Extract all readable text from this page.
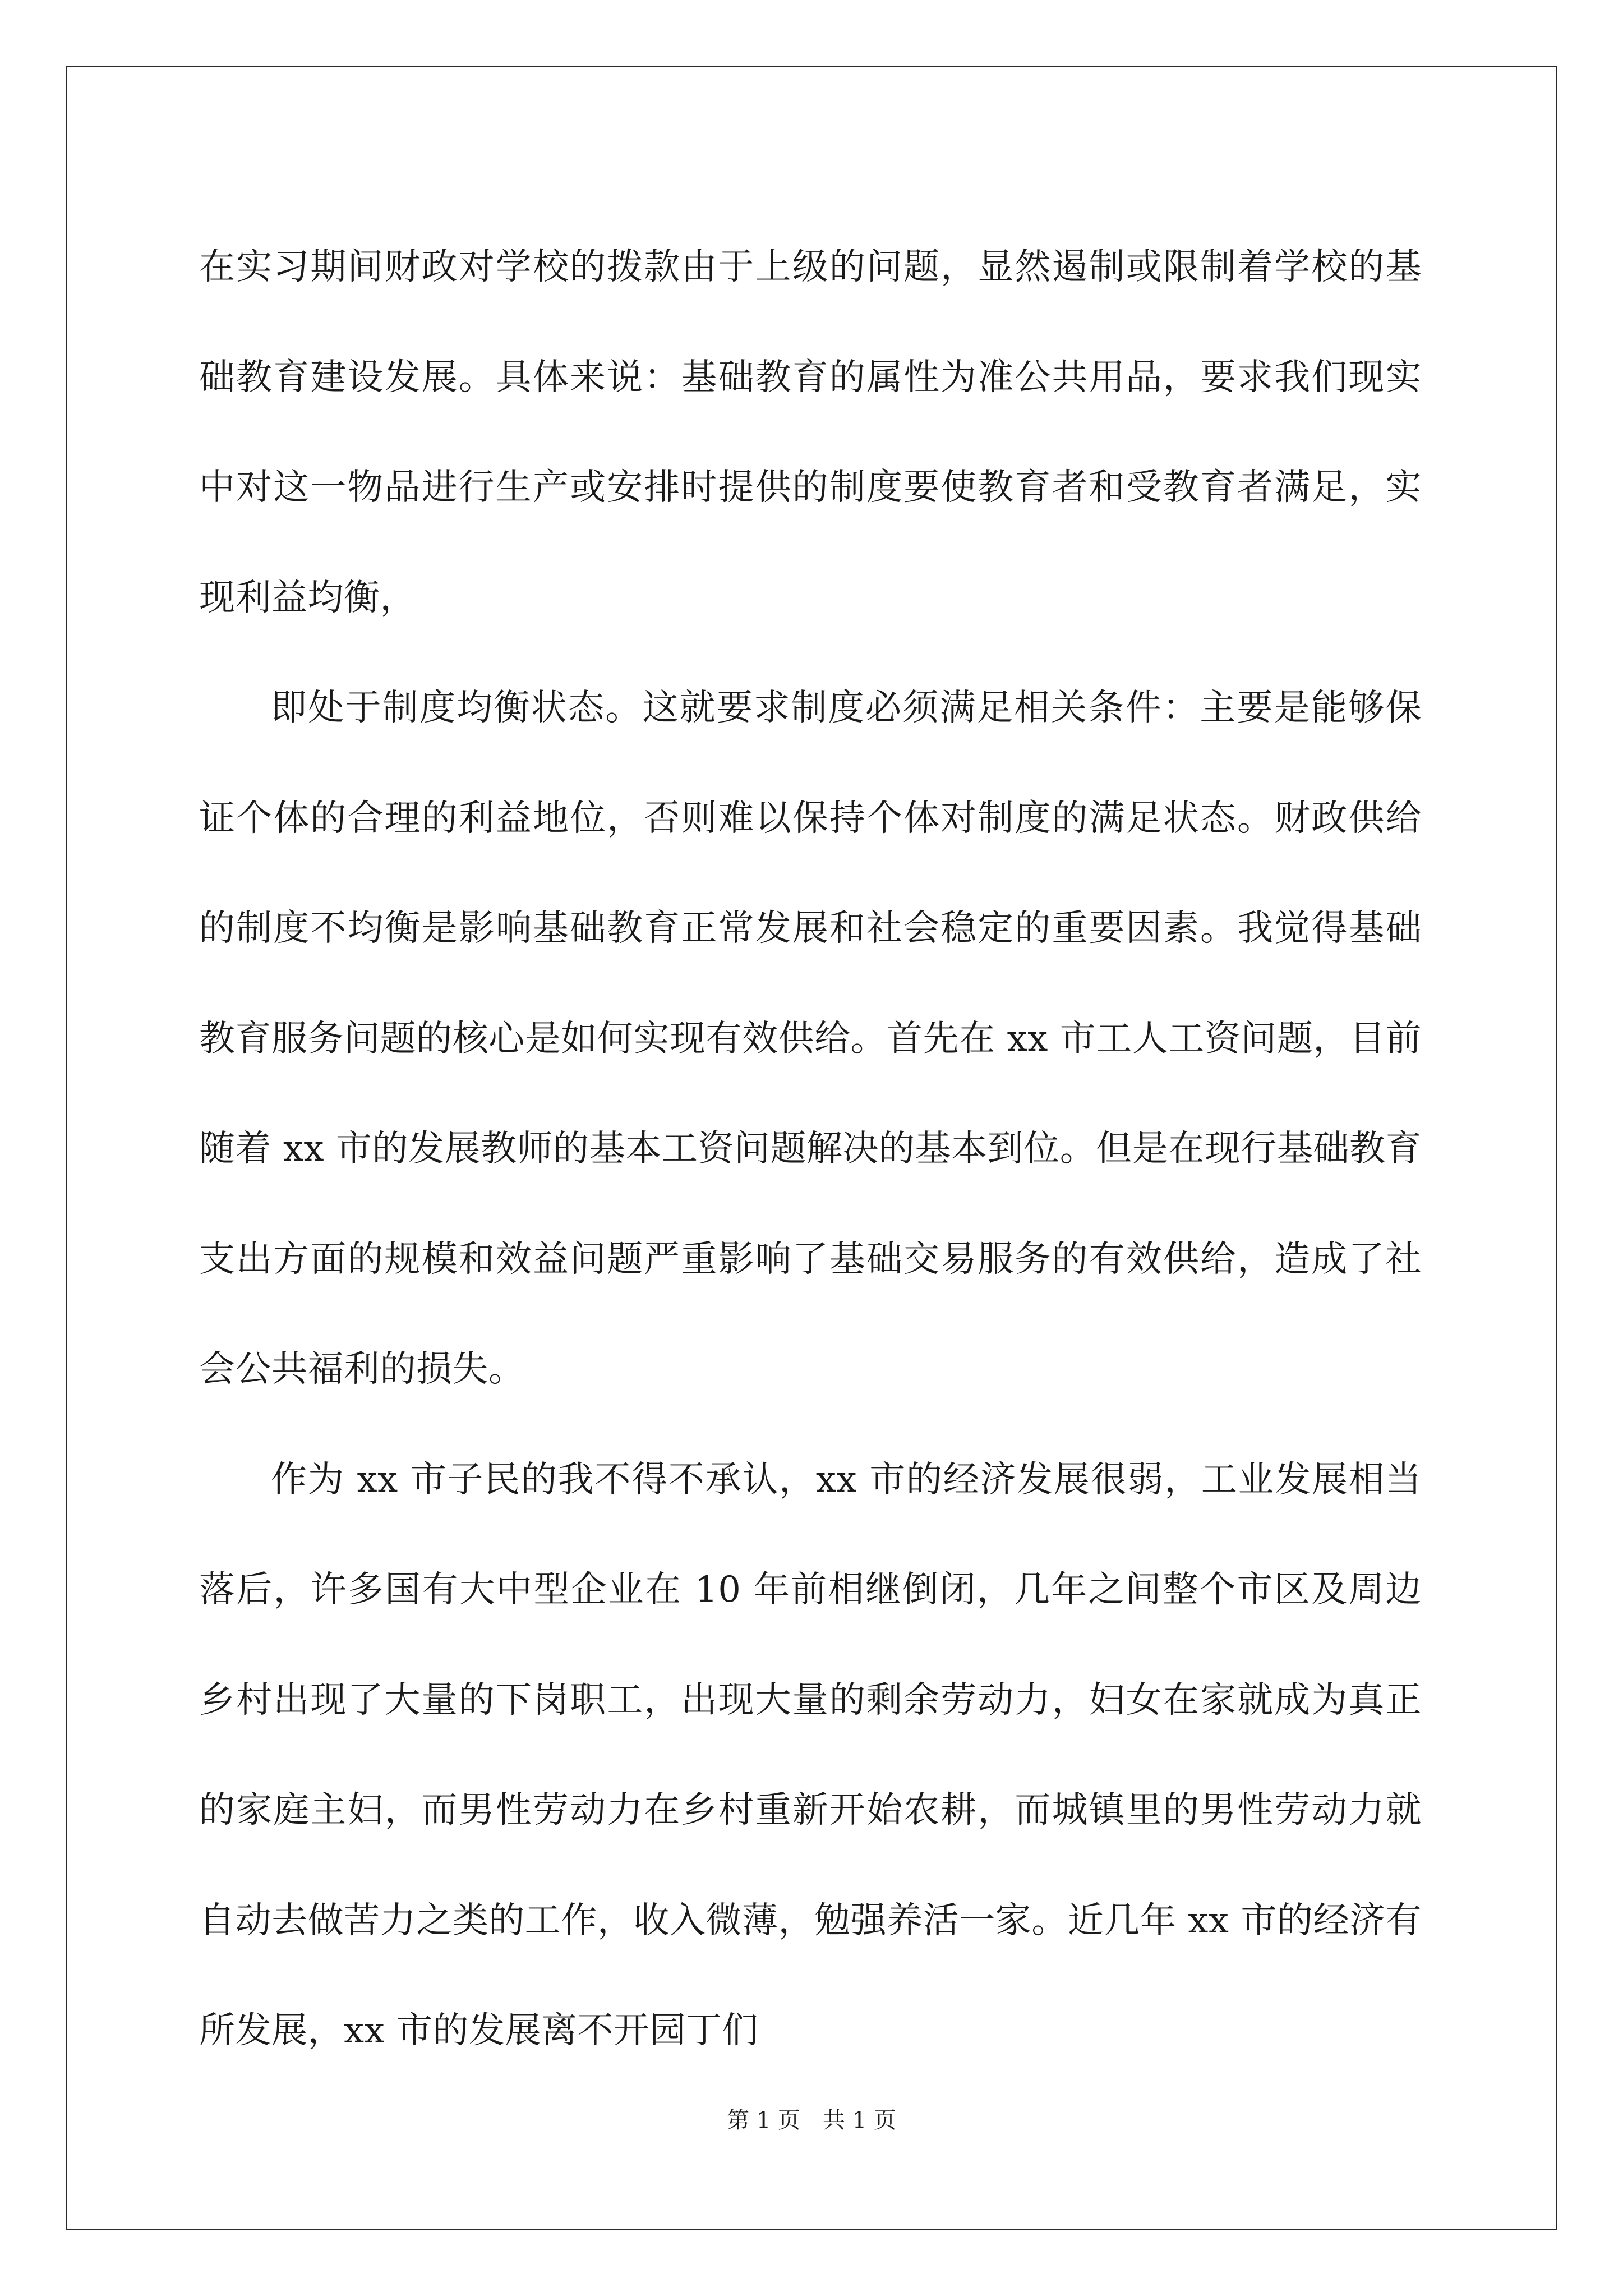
在实习期间财政对学校的拨款由于上级的问题，显然遏制或限制着学校的基础教育建设发展。具体来说：基础教育的属性为准公共用品，要求我们现实中对这一物品进行生产或安排时提供的制度要使教育者和受教育者满足，实现利益均衡，

即处于制度均衡状态。这就要求制度必须满足相关条件：主要是能够保证个体的合理的利益地位，否则难以保持个体对制度的满足状态。财政供给的制度不均衡是影响基础教育正常发展和社会稳定的重要因素。我觉得基础教育服务问题的核心是如何实现有效供给。首先在 xx 市工人工资问题，目前随着 xx 市的发展教师的基本工资问题解决的基本到位。但是在现行基础教育支出方面的规模和效益问题严重影响了基础交易服务的有效供给，造成了社会公共福利的损失。

作为 xx 市子民的我不得不承认，xx 市的经济发展很弱，工业发展相当落后，许多国有大中型企业在 10 年前相继倒闭，几年之间整个市区及周边乡村出现了大量的下岗职工，出现大量的剩余劳动力，妇女在家就成为真正的家庭主妇，而男性劳动力在乡村重新开始农耕，而城镇里的男性劳动力就自动去做苦力之类的工作，收入微薄，勉强养活一家。近几年 xx 市的经济有所发展，xx 市的发展离不开园丁们

第 1 页　共 1 页
